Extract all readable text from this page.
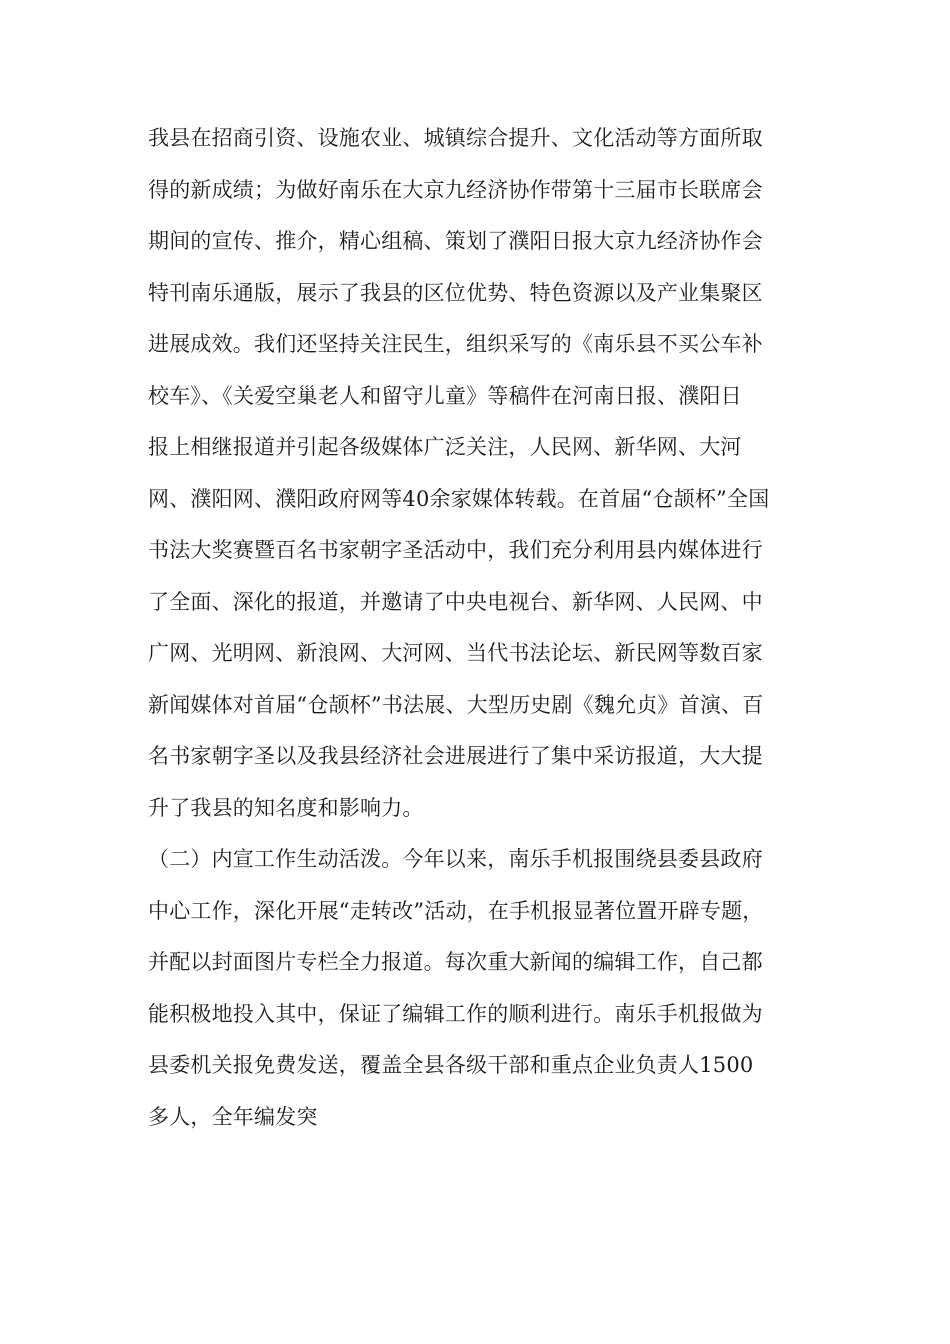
我县在招商引资、设施农业、城镇综合提升、文化活动等方面所取
得的新成绩；为做好南乐在大京九经济协作带第十三届市长联席会
期间的宣传、推介，精心组稿、策划了濮阳日报大京九经济协作会
特刊南乐通版，展示了我县的区位优势、特色资源以及产业集聚区
进展成效。我们还坚持关注民生，组织采写的《南乐县不买公车补
校车》、《关爱空巢老人和留守儿童》等稿件在河南日报、濮阳日
报上相继报道并引起各级媒体广泛关注，人民网、新华网、大河
网、濮阳网、濮阳政府网等40余家媒体转载。在首届“仓颉杯”全国
书法大奖赛暨百名书家朝字圣活动中，我们充分利用县内媒体进行
了全面、深化的报道，并邀请了中央电视台、新华网、人民网、中
广网、光明网、新浪网、大河网、当代书法论坛、新民网等数百家
新闻媒体对首届“仓颉杯”书法展、大型历史剧《魏允贞》首演、百
名书家朝字圣以及我县经济社会进展进行了集中采访报道，大大提
升了我县的知名度和影响力。
（二）内宣工作生动活泼。今年以来，南乐手机报围绕县委县政府
中心工作，深化开展“走转改”活动，在手机报显著位置开辟专题，
并配以封面图片专栏全力报道。每次重大新闻的编辑工作，自己都
能积极地投入其中，保证了编辑工作的顺利进行。南乐手机报做为
县委机关报免费发送，覆盖全县各级干部和重点企业负责人1500
多人，全年编发突
